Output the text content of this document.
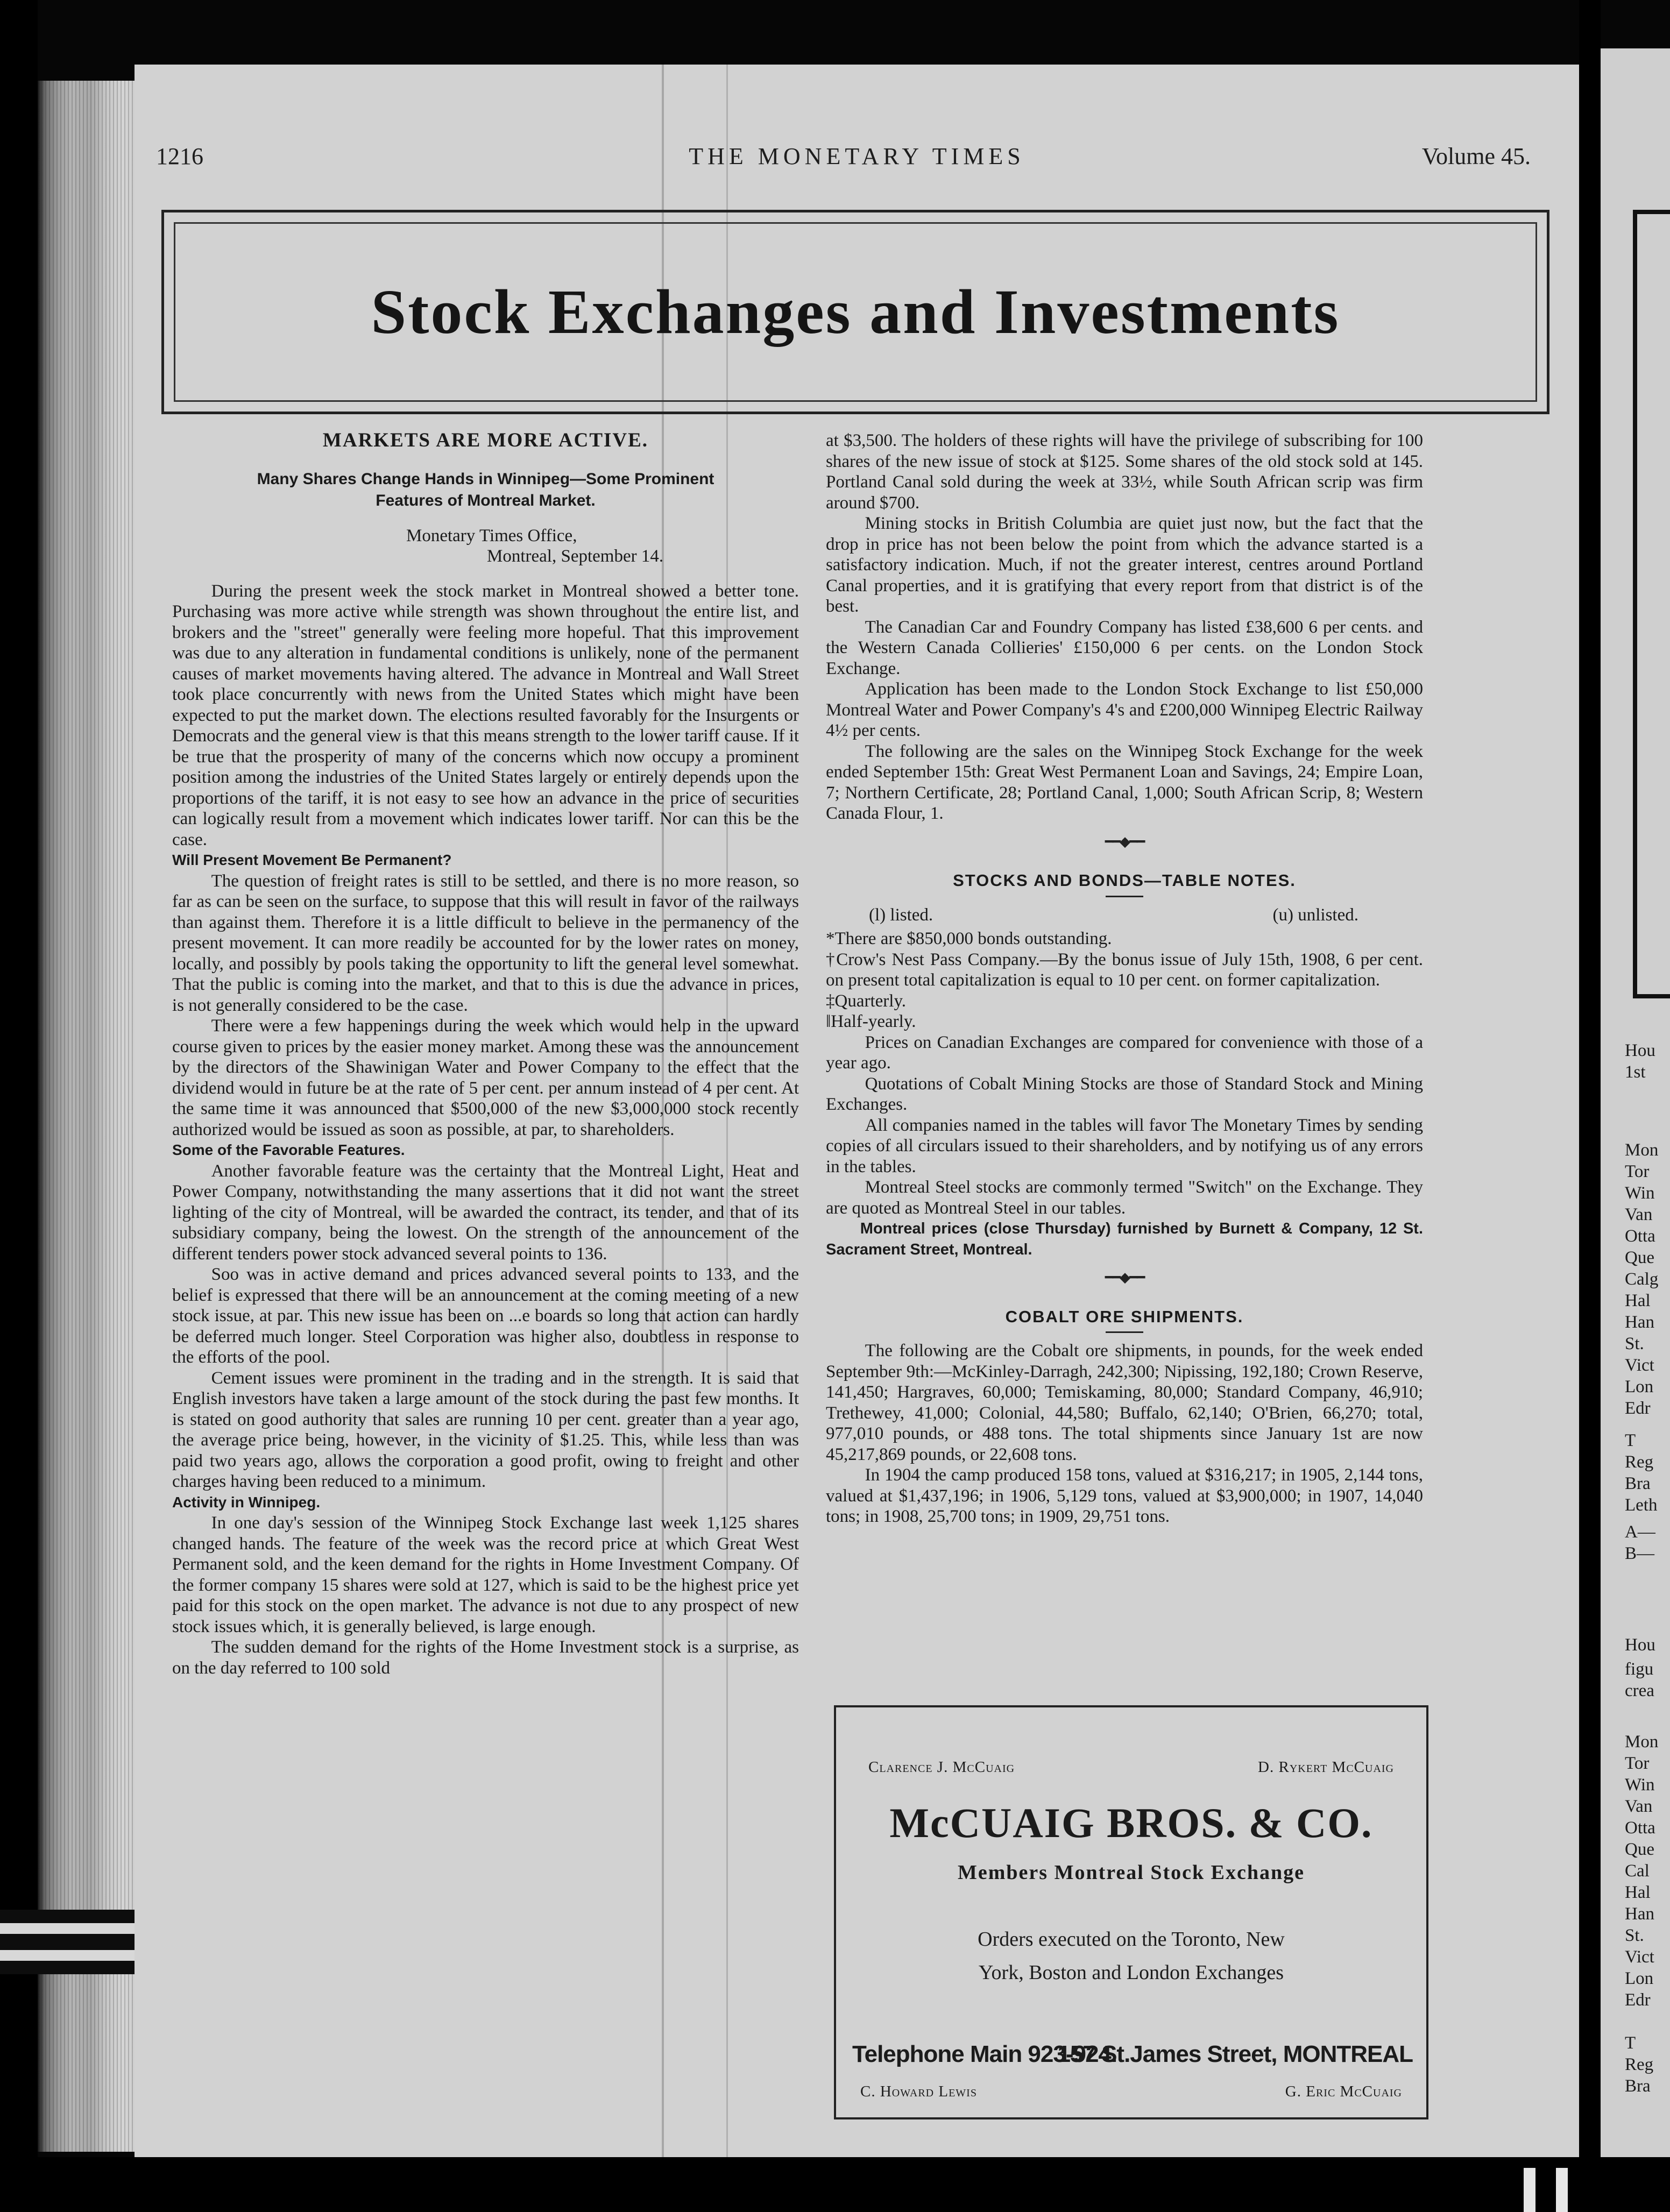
1216	THE MONETARY TIMES	Volume 45.
Stock Exchanges and Investments
MARKETS ARE MORE ACTIVE.
Many Shares Change Hands in Winnipeg—Some Prominent
Features of Montreal Market.
Monetary Times Office,
Montreal, September 14.

During the present week the stock market in Montreal showed a better tone. Purchasing was more active while strength was shown throughout the entire list, and brokers and the "street" generally were feeling more hopeful. That this improvement was due to any alteration in fundamental conditions is unlikely, none of the permanent causes of market movements having altered. The advance in Montreal and Wall Street took place concurrently with news from the United States which might have been expected to put the market down. The elections resulted favorably for the Insurgents or Democrats and the general view is that this means strength to the lower tariff cause. If it be true that the prosperity of many of the concerns which now occupy a prominent position among the industries of the United States largely or entirely depends upon the proportions of the tariff, it is not easy to see how an advance in the price of securities can logically result from a movement which indicates lower tariff. Nor can this be the case.

Will Present Movement Be Permanent?

The question of freight rates is still to be settled, and there is no more reason, so far as can be seen on the surface, to suppose that this will result in favor of the railways than against them. Therefore it is a little difficult to believe in the permanency of the present movement. It can more readily be accounted for by the lower rates on money, locally, and possibly by pools taking the opportunity to lift the general level somewhat. That the public is coming into the market, and that to this is due the advance in prices, is not generally considered to be the case.

There were a few happenings during the week which would help in the upward course given to prices by the easier money market. Among these was the announcement by the directors of the Shawinigan Water and Power Company to the effect that the dividend would in future be at the rate of 5 per cent. per annum instead of 4 per cent. At the same time it was announced that $500,000 of the new $3,000,000 stock recently authorized would be issued as soon as possible, at par, to shareholders.

Some of the Favorable Features.

Another favorable feature was the certainty that the Montreal Light, Heat and Power Company, notwithstanding the many assertions that it did not want the street lighting of the city of Montreal, will be awarded the contract, its tender, and that of its subsidiary company, being the lowest. On the strength of the announcement of the different tenders power stock advanced several points to 136.

Soo was in active demand and prices advanced several points to 133, and the belief is expressed that there will be an announcement at the coming meeting of a new stock issue, at par. This new issue has been on ...e boards so long that action can hardly be deferred much longer. Steel Corporation was higher also, doubtless in response to the efforts of the pool.

Cement issues were prominent in the trading and in the strength. It is said that English investors have taken a large amount of the stock during the past few months. It is stated on good authority that sales are running 10 per cent. greater than a year ago, the average price being, however, in the vicinity of $1.25. This, while less than was paid two years ago, allows the corporation a good profit, owing to freight and other charges having been reduced to a minimum.

Activity in Winnipeg.

In one day's session of the Winnipeg Stock Exchange last week 1,125 shares changed hands. The feature of the week was the record price at which Great West Permanent sold, and the keen demand for the rights in Home Investment Company. Of the former company 15 shares were sold at 127, which is said to be the highest price yet paid for this stock on the open market. The advance is not due to any prospect of new stock issues which, it is generally believed, is large enough.

The sudden demand for the rights of the Home Investment stock is a surprise, as on the day referred to 100 sold

at $3,500. The holders of these rights will have the privilege of subscribing for 100 shares of the new issue of stock at $125. Some shares of the old stock sold at 145. Portland Canal sold during the week at 33½, while South African scrip was firm around $700.

Mining stocks in British Columbia are quiet just now, but the fact that the drop in price has not been below the point from which the advance started is a satisfactory indication. Much, if not the greater interest, centres around Portland Canal properties, and it is gratifying that every report from that district is of the best.

The Canadian Car and Foundry Company has listed £38,600 6 per cents. and the Western Canada Collieries' £150,000 6 per cents. on the London Stock Exchange.

Application has been made to the London Stock Exchange to list £50,000 Montreal Water and Power Company's 4's and £200,000 Winnipeg Electric Railway 4½ per cents.

The following are the sales on the Winnipeg Stock Exchange for the week ended September 15th: Great West Permanent Loan and Savings, 24; Empire Loan, 7; Northern Certificate, 28; Portland Canal, 1,000; South African Scrip, 8; Western Canada Flour, 1.

━━◆━━
STOCKS AND BONDS—TABLE NOTES.
(l) listed.	(u) unlisted.

*There are $850,000 bonds outstanding.

†Crow's Nest Pass Company.—By the bonus issue of July 15th, 1908, 6 per cent. on present total capitalization is equal to 10 per cent. on former capitalization.

‡Quarterly.

‖Half-yearly.

Prices on Canadian Exchanges are compared for convenience with those of a year ago.

Quotations of Cobalt Mining Stocks are those of Standard Stock and Mining Exchanges.

All companies named in the tables will favor The Monetary Times by sending copies of all circulars issued to their shareholders, and by notifying us of any errors in the tables.

Montreal Steel stocks are commonly termed "Switch" on the Exchange. They are quoted as Montreal Steel in our tables.

Montreal prices (close Thursday) furnished by Burnett & Company, 12 St. Sacrament Street, Montreal.

━━◆━━
COBALT ORE SHIPMENTS.

The following are the Cobalt ore shipments, in pounds, for the week ended September 9th:—McKinley-Darragh, 242,300; Nipissing, 192,180; Crown Reserve, 141,450; Hargraves, 60,000; Temiskaming, 80,000; Standard Company, 46,910; Trethewey, 41,000; Colonial, 44,580; Buffalo, 62,140; O'Brien, 66,270; total, 977,010 pounds, or 488 tons. The total shipments since January 1st are now 45,217,869 pounds, or 22,608 tons.

In 1904 the camp produced 158 tons, valued at $316,217; in 1905, 2,144 tons, valued at $1,437,196; in 1906, 5,129 tons, valued at $3,900,000; in 1907, 14,040 tons; in 1908, 25,700 tons; in 1909, 29,751 tons.

Clarence J. McCuaig	D. Rykert McCuaig
McCUAIG BROS. & CO.
Members Montreal Stock Exchange
Orders executed on the Toronto, New
York, Boston and London Exchanges
Telephone Main 923-924.
157 St.James Street, MONTREAL
C. Howard Lewis	G. Eric McCuaig
Hou
1st
Mon
Tor
Win
Van
Otta
Que
Calg
Hal
Han
St.
Vict
Lon
Edr
T
Reg
Bra
Leth
A—
B—
Hou
figu
crea
Mon
Tor
Win
Van
Otta
Que
Cal
Hal
Han
St.
Vict
Lon
Edr
T
Reg
Bra
